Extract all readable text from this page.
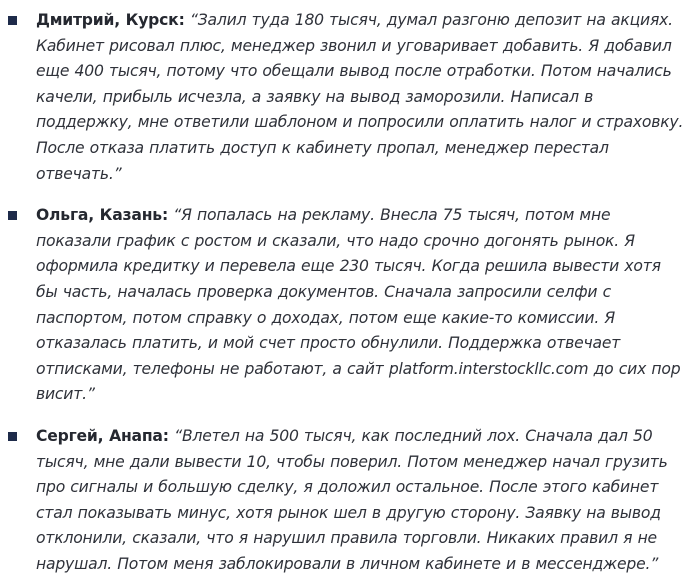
Дмитрий, Курск: “Залил туда 180 тысяч, думал разгоню депозит на акциях. Кабинет рисовал плюс, менеджер звонил и уговаривает добавить. Я добавил еще 400 тысяч, потому что обещали вывод после отработки. Потом начались качели, прибыль исчезла, а заявку на вывод заморозили. Написал в поддержку, мне ответили шаблоном и попросили оплатить налог и страховку. После отказа платить доступ к кабинету пропал, менеджер перестал отвечать.”

Ольга, Казань: “Я попалась на рекламу. Внесла 75 тысяч, потом мне показали график с ростом и сказали, что надо срочно догонять рынок. Я оформила кредитку и перевела еще 230 тысяч. Когда решила вывести хотя бы часть, началась проверка документов. Сначала запросили селфи с паспортом, потом справку о доходах, потом еще какие-то комиссии. Я отказалась платить, и мой счет просто обнулили. Поддержка отвечает отписками, телефоны не работают, а сайт platform.interstockllc.com до сих пор висит.”

Сергей, Анапа: “Влетел на 500 тысяч, как последний лох. Сначала дал 50 тысяч, мне дали вывести 10, чтобы поверил. Потом менеджер начал грузить про сигналы и большую сделку, я доложил остальное. После этого кабинет стал показывать минус, хотя рынок шел в другую сторону. Заявку на вывод отклонили, сказали, что я нарушил правила торговли. Никаких правил я не нарушал. Потом меня заблокировали в личном кабинете и в мессенджере.”
